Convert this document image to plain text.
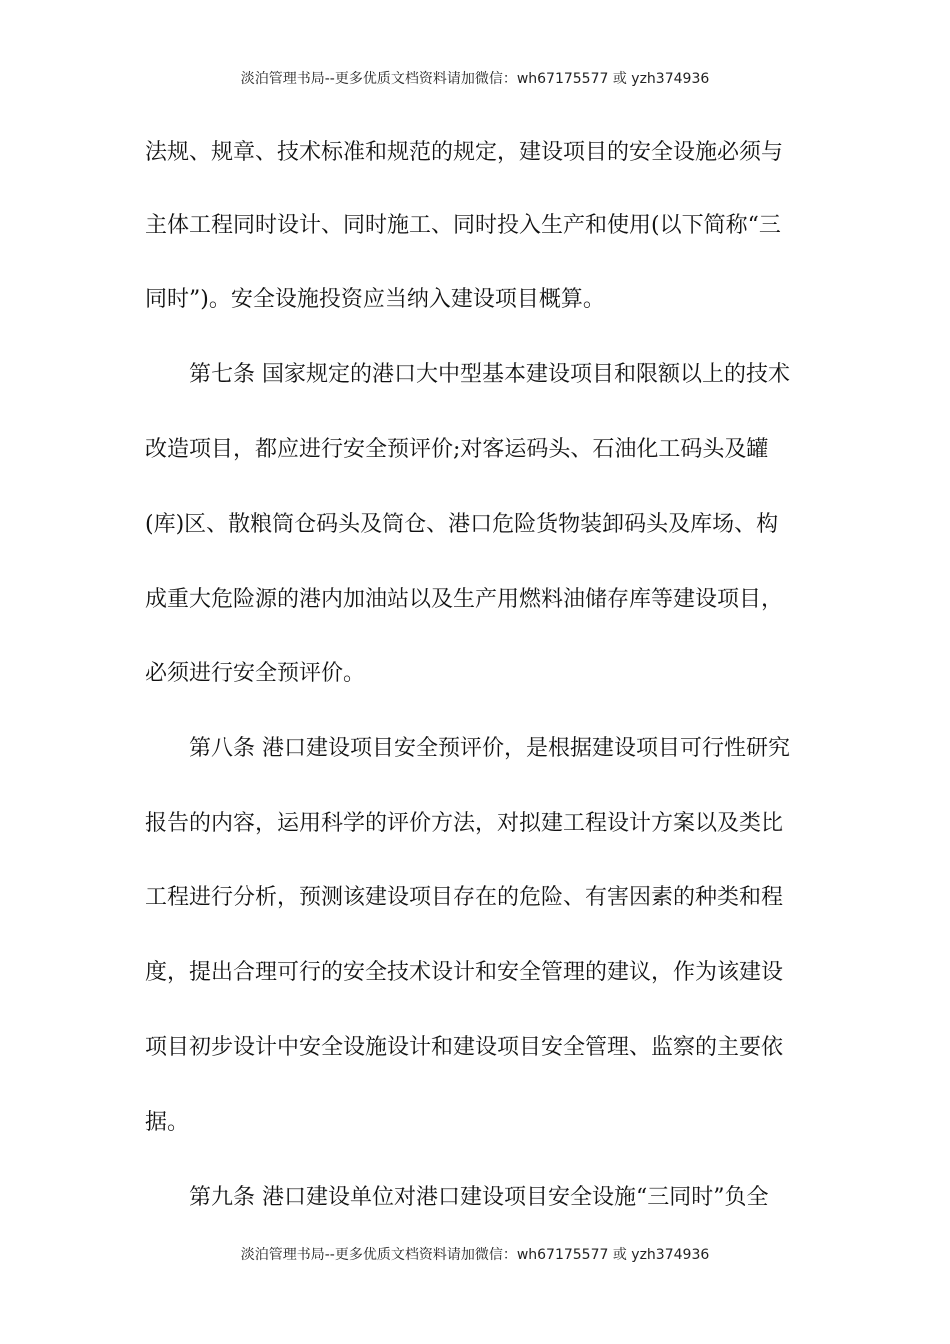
淡泊管理书局--更多优质文档资料请加微信：wh67175577 或 yzh374936
法规、规章、技术标准和规范的规定，建设项目的安全设施必须与
主体工程同时设计、同时施工、同时投入生产和使用(以下简称“三
同时”)。安全设施投资应当纳入建设项目概算。
第七条 国家规定的港口大中型基本建设项目和限额以上的技术
改造项目，都应进行安全预评价;对客运码头、石油化工码头及罐
(库)区、散粮筒仓码头及筒仓、港口危险货物装卸码头及库场、构
成重大危险源的港内加油站以及生产用燃料油储存库等建设项目，
必须进行安全预评价。
第八条 港口建设项目安全预评价，是根据建设项目可行性研究
报告的内容，运用科学的评价方法，对拟建工程设计方案以及类比
工程进行分析，预测该建设项目存在的危险、有害因素的种类和程
度，提出合理可行的安全技术设计和安全管理的建议，作为该建设
项目初步设计中安全设施设计和建设项目安全管理、监察的主要依
据。
第九条 港口建设单位对港口建设项目安全设施“三同时”负全
淡泊管理书局--更多优质文档资料请加微信：wh67175577 或 yzh374936
